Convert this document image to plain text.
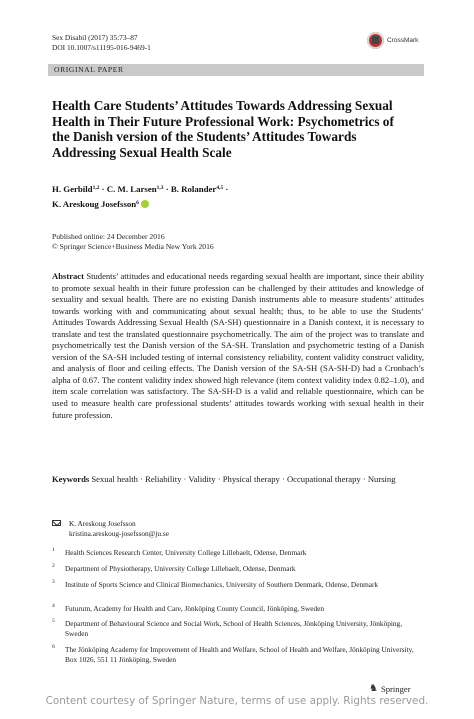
Sex Disabil (2017) 35:73–87
DOI 10.1007/s11195-016-9469-1
CrossMark
ORIGINAL PAPER
Health Care Students’ Attitudes Towards Addressing Sexual Health in Their Future Professional Work: Psychometrics of the Danish version of the Students’ Attitudes Towards Addressing Sexual Health Scale
H. Gerbild$^{1,2}$ · C. M. Larsen$^{1,3}$ · B. Rolander$^{4,5}$ ·
K. Areskoug Josefsson$^6$
Published online: 24 December 2016
© Springer Science+Business Media New York 2016
Abstract Students’ attitudes and educational needs regarding sexual health are important, since their ability to promote sexual health in their future profession can be challenged by their attitudes and knowledge of sexuality and sexual health. There are no existing Danish instruments able to measure students’ attitudes towards working with and communicating about sexual health; thus, to be able to use the Students’ Attitudes Towards Addressing Sexual Health (SA-SH) questionnaire in a Danish context, it is necessary to translate and test the translated questionnaire psychometrically. The aim of the project was to translate and psychometrically test the Danish version of the SA-SH. Translation and psychometric testing of a Danish version of the SA-SH included testing of internal consistency reliability, content validity construct validity, and analysis of floor and ceiling effects. The Danish version of the SA-SH (SA-SH-D) had a Cronbach’s alpha of 0.67. The content validity index showed high relevance (item context validity index 0.82–1.0), and item scale correlation was satisfactory. The SA-SH-D is a valid and reliable questionnaire, which can be used to measure health care professional students’ attitudes towards working with sexual health in their future profession.
Keywords Sexual health · Reliability · Validity · Physical therapy · Occupational therapy · Nursing
K. Areskoug Josefsson
kristina.areskoug-josefsson@ju.se
1 Health Sciences Research Center, University College Lillebaelt, Odense, Denmark
2 Department of Physiotherapy, University College Lillebaelt, Odense, Denmark
3 Institute of Sports Science and Clinical Biomechanics, University of Southern Denmark, Odense, Denmark
4 Futurum, Academy for Health and Care, Jönköping County Council, Jönköping, Sweden
5 Department of Behavioural Science and Social Work, School of Health Sciences, Jönköping University, Jönköping, Sweden
6 The Jönköping Academy for Improvement of Health and Welfare, School of Health and Welfare, Jönköping University, Box 1026, 551 11 Jönköping, Sweden
♞ Springer
Content courtesy of Springer Nature, terms of use apply. Rights reserved.
